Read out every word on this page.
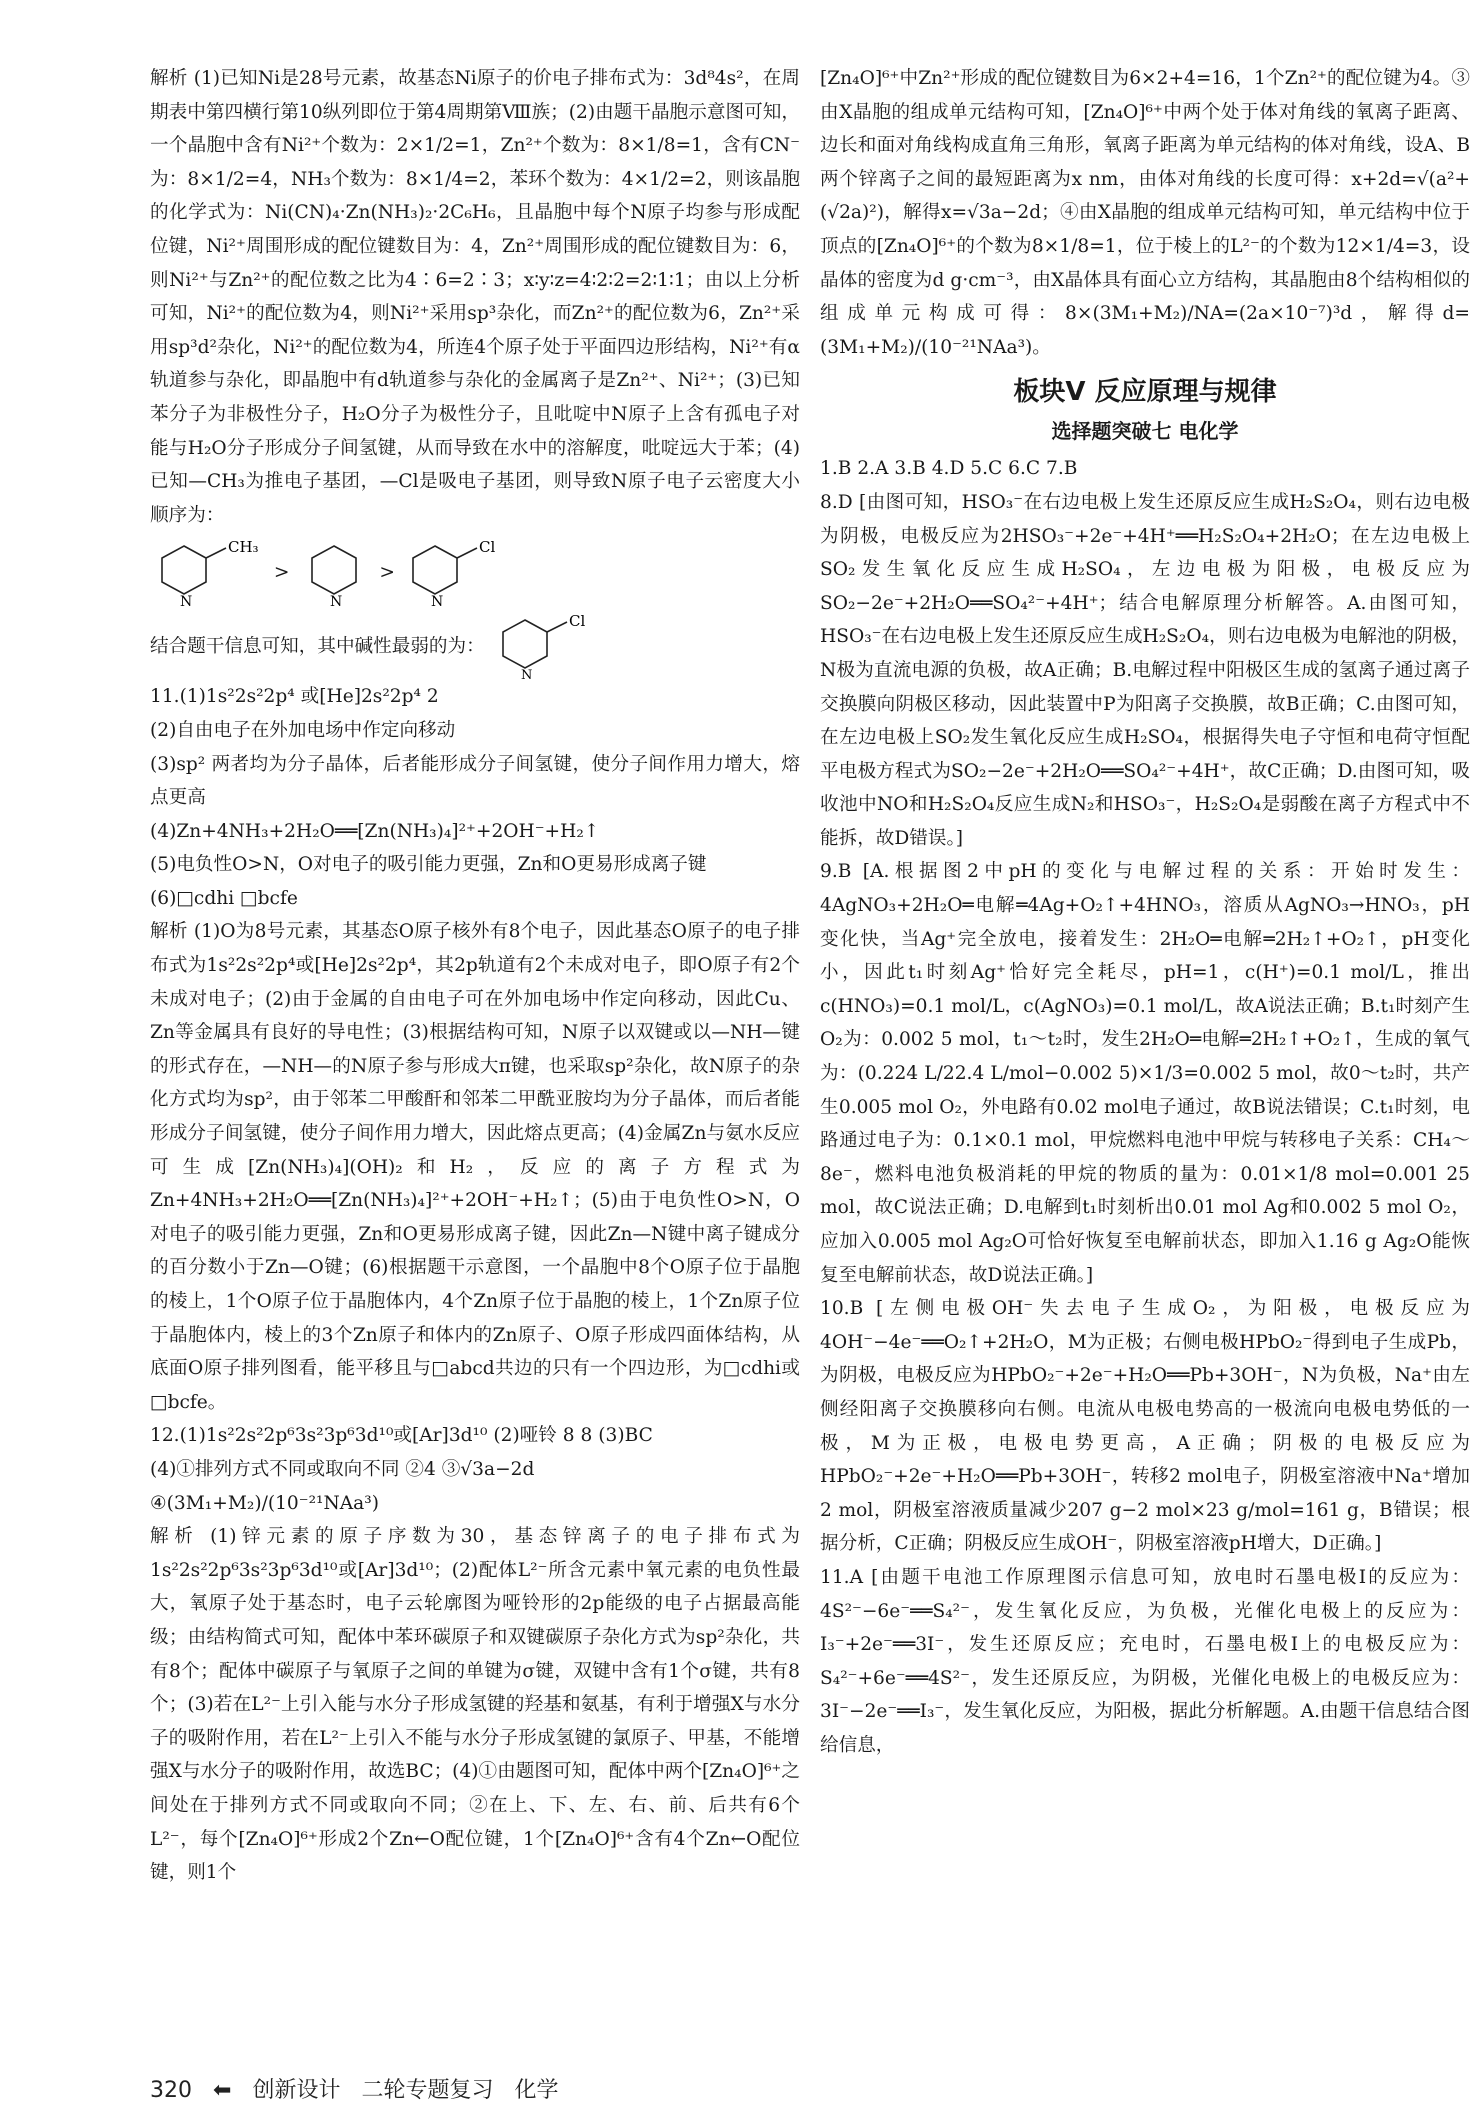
解析 (1)已知Ni是28号元素，故基态Ni原子的价电子排布式为：3d⁸4s²，在周期表中第四横行第10纵列即位于第4周期第Ⅷ族；(2)由题干晶胞示意图可知，一个晶胞中含有Ni²⁺个数为：2×1/2=1，Zn²⁺个数为：8×1/8=1，含有CN⁻为：8×1/2=4，NH₃个数为：8×1/4=2，苯环个数为：4×1/2=2，则该晶胞的化学式为：Ni(CN)₄·Zn(NH₃)₂·2C₆H₆，且晶胞中每个N原子均参与形成配位键，Ni²⁺周围形成的配位键数目为：4，Zn²⁺周围形成的配位键数目为：6，则Ni²⁺与Zn²⁺的配位数之比为4∶6=2∶3；x∶y∶z=4∶2∶2=2∶1∶1；由以上分析可知，Ni²⁺的配位数为4，则Ni²⁺采用sp³杂化，而Zn²⁺的配位数为6，Zn²⁺采用sp³d²杂化，Ni²⁺的配位数为4，所连4个原子处于平面四边形结构，Ni²⁺有α轨道参与杂化，即晶胞中有d轨道参与杂化的金属离子是Zn²⁺、Ni²⁺；(3)已知苯分子为非极性分子，H₂O分子为极性分子，且吡啶中N原子上含有孤电子对能与H₂O分子形成分子间氢键，从而导致在水中的溶解度，吡啶远大于苯；(4)已知—CH₃为推电子基团，—Cl是吸电子基团，则导致N原子电子云密度大小顺序为：

CH₃
N
>
N
>
Cl
N

结合题干信息可知，其中碱性最弱的为：
Cl
N

11.(1)1s²2s²2p⁴ 或[He]2s²2p⁴ 2

(2)自由电子在外加电场中作定向移动

(3)sp² 两者均为分子晶体，后者能形成分子间氢键，使分子间作用力增大，熔点更高

(4)Zn+4NH₃+2H₂O══[Zn(NH₃)₄]²⁺+2OH⁻+H₂↑

(5)电负性O>N，O对电子的吸引能力更强，Zn和O更易形成离子键

(6)□cdhi □bcfe

解析 (1)O为8号元素，其基态O原子核外有8个电子，因此基态O原子的电子排布式为1s²2s²2p⁴或[He]2s²2p⁴，其2p轨道有2个未成对电子，即O原子有2个未成对电子；(2)由于金属的自由电子可在外加电场中作定向移动，因此Cu、Zn等金属具有良好的导电性；(3)根据结构可知，N原子以双键或以—NH—键的形式存在，—NH—的N原子参与形成大π键，也采取sp²杂化，故N原子的杂化方式均为sp²，由于邻苯二甲酸酐和邻苯二甲酰亚胺均为分子晶体，而后者能形成分子间氢键，使分子间作用力增大，因此熔点更高；(4)金属Zn与氨水反应可生成[Zn(NH₃)₄](OH)₂和H₂，反应的离子方程式为Zn+4NH₃+2H₂O══[Zn(NH₃)₄]²⁺+2OH⁻+H₂↑；(5)由于电负性O>N，O对电子的吸引能力更强，Zn和O更易形成离子键，因此Zn—N键中离子键成分的百分数小于Zn—O键；(6)根据题干示意图，一个晶胞中8个O原子位于晶胞的棱上，1个O原子位于晶胞体内，4个Zn原子位于晶胞的棱上，1个Zn原子位于晶胞体内，棱上的3个Zn原子和体内的Zn原子、O原子形成四面体结构，从底面O原子排列图看，能平移且与□abcd共边的只有一个四边形，为□cdhi或□bcfe。

12.(1)1s²2s²2p⁶3s²3p⁶3d¹⁰或[Ar]3d¹⁰ (2)哑铃 8 8 (3)BC

(4)①排列方式不同或取向不同 ②4 ③√3a−2d

④(3M₁+M₂)/(10⁻²¹NAa³)

解析 (1)锌元素的原子序数为30，基态锌离子的电子排布式为1s²2s²2p⁶3s²3p⁶3d¹⁰或[Ar]3d¹⁰；(2)配体L²⁻所含元素中氧元素的电负性最大，氧原子处于基态时，电子云轮廓图为哑铃形的2p能级的电子占据最高能级；由结构简式可知，配体中苯环碳原子和双键碳原子杂化方式为sp²杂化，共有8个；配体中碳原子与氧原子之间的单键为σ键，双键中含有1个σ键，共有8个；(3)若在L²⁻上引入能与水分子形成氢键的羟基和氨基，有利于增强X与水分子的吸附作用，若在L²⁻上引入不能与水分子形成氢键的氯原子、甲基，不能增强X与水分子的吸附作用，故选BC；(4)①由题图可知，配体中两个[Zn₄O]⁶⁺之间处在于排列方式不同或取向不同；②在上、下、左、右、前、后共有6个L²⁻，每个[Zn₄O]⁶⁺形成2个Zn←O配位键，1个[Zn₄O]⁶⁺含有4个Zn←O配位键，则1个

[Zn₄O]⁶⁺中Zn²⁺形成的配位键数目为6×2+4=16，1个Zn²⁺的配位键为4。③由X晶胞的组成单元结构可知，[Zn₄O]⁶⁺中两个处于体对角线的氧离子距离、边长和面对角线构成直角三角形，氧离子距离为单元结构的体对角线，设A、B两个锌离子之间的最短距离为x nm，由体对角线的长度可得：x+2d=√(a²+(√2a)²)，解得x=√3a−2d；④由X晶胞的组成单元结构可知，单元结构中位于顶点的[Zn₄O]⁶⁺的个数为8×1/8=1，位于棱上的L²⁻的个数为12×1/4=3，设晶体的密度为d g·cm⁻³，由X晶体具有面心立方结构，其晶胞由8个结构相似的组成单元构成可得：8×(3M₁+M₂)/NA=(2a×10⁻⁷)³d，解得d=(3M₁+M₂)/(10⁻²¹NAa³)。

板块Ⅴ 反应原理与规律
选择题突破七 电化学

1.B 2.A 3.B 4.D 5.C 6.C 7.B

8.D [由图可知，HSO₃⁻在右边电极上发生还原反应生成H₂S₂O₄，则右边电极为阴极，电极反应为2HSO₃⁻+2e⁻+4H⁺══H₂S₂O₄+2H₂O；在左边电极上SO₂发生氧化反应生成H₂SO₄，左边电极为阳极，电极反应为SO₂−2e⁻+2H₂O══SO₄²⁻+4H⁺；结合电解原理分析解答。A.由图可知，HSO₃⁻在右边电极上发生还原反应生成H₂S₂O₄，则右边电极为电解池的阴极，N极为直流电源的负极，故A正确；B.电解过程中阳极区生成的氢离子通过离子交换膜向阴极区移动，因此装置中P为阳离子交换膜，故B正确；C.由图可知，在左边电极上SO₂发生氧化反应生成H₂SO₄，根据得失电子守恒和电荷守恒配平电极方程式为SO₂−2e⁻+2H₂O══SO₄²⁻+4H⁺，故C正确；D.由图可知，吸收池中NO和H₂S₂O₄反应生成N₂和HSO₃⁻，H₂S₂O₄是弱酸在离子方程式中不能拆，故D错误。]

9.B [A.根据图2中pH的变化与电解过程的关系：开始时发生：4AgNO₃+2H₂O═电解═4Ag+O₂↑+4HNO₃，溶质从AgNO₃→HNO₃，pH变化快，当Ag⁺完全放电，接着发生：2H₂O═电解═2H₂↑+O₂↑，pH变化小，因此t₁时刻Ag⁺恰好完全耗尽，pH=1，c(H⁺)=0.1 mol/L，推出c(HNO₃)=0.1 mol/L，c(AgNO₃)=0.1 mol/L，故A说法正确；B.t₁时刻产生O₂为：0.002 5 mol，t₁～t₂时，发生2H₂O═电解═2H₂↑+O₂↑，生成的氧气为：(0.224 L/22.4 L/mol−0.002 5)×1/3=0.002 5 mol，故0～t₂时，共产生0.005 mol O₂，外电路有0.02 mol电子通过，故B说法错误；C.t₁时刻，电路通过电子为：0.1×0.1 mol，甲烷燃料电池中甲烷与转移电子关系：CH₄～8e⁻，燃料电池负极消耗的甲烷的物质的量为：0.01×1/8 mol=0.001 25 mol，故C说法正确；D.电解到t₁时刻析出0.01 mol Ag和0.002 5 mol O₂，应加入0.005 mol Ag₂O可恰好恢复至电解前状态，即加入1.16 g Ag₂O能恢复至电解前状态，故D说法正确。]

10.B [左侧电极OH⁻失去电子生成O₂，为阳极，电极反应为4OH⁻−4e⁻══O₂↑+2H₂O，M为正极；右侧电极HPbO₂⁻得到电子生成Pb，为阴极，电极反应为HPbO₂⁻+2e⁻+H₂O══Pb+3OH⁻，N为负极，Na⁺由左侧经阳离子交换膜移向右侧。电流从电极电势高的一极流向电极电势低的一极，M为正极，电极电势更高，A正确；阴极的电极反应为HPbO₂⁻+2e⁻+H₂O══Pb+3OH⁻，转移2 mol电子，阴极室溶液中Na⁺增加2 mol，阴极室溶液质量减少207 g−2 mol×23 g/mol=161 g，B错误；根据分析，C正确；阴极反应生成OH⁻，阴极室溶液pH增大，D正确。]

11.A [由题干电池工作原理图示信息可知，放电时石墨电极Ⅰ的反应为：4S²⁻−6e⁻══S₄²⁻，发生氧化反应，为负极，光催化电极上的反应为：I₃⁻+2e⁻══3I⁻，发生还原反应；充电时，石墨电极Ⅰ上的电极反应为：S₄²⁻+6e⁻══4S²⁻，发生还原反应，为阴极，光催化电极上的电极反应为：3I⁻−2e⁻══I₃⁻，发生氧化反应，为阳极，据此分析解题。A.由题干信息结合图给信息，

320 ⬅ 创新设计 二轮专题复习 化学
